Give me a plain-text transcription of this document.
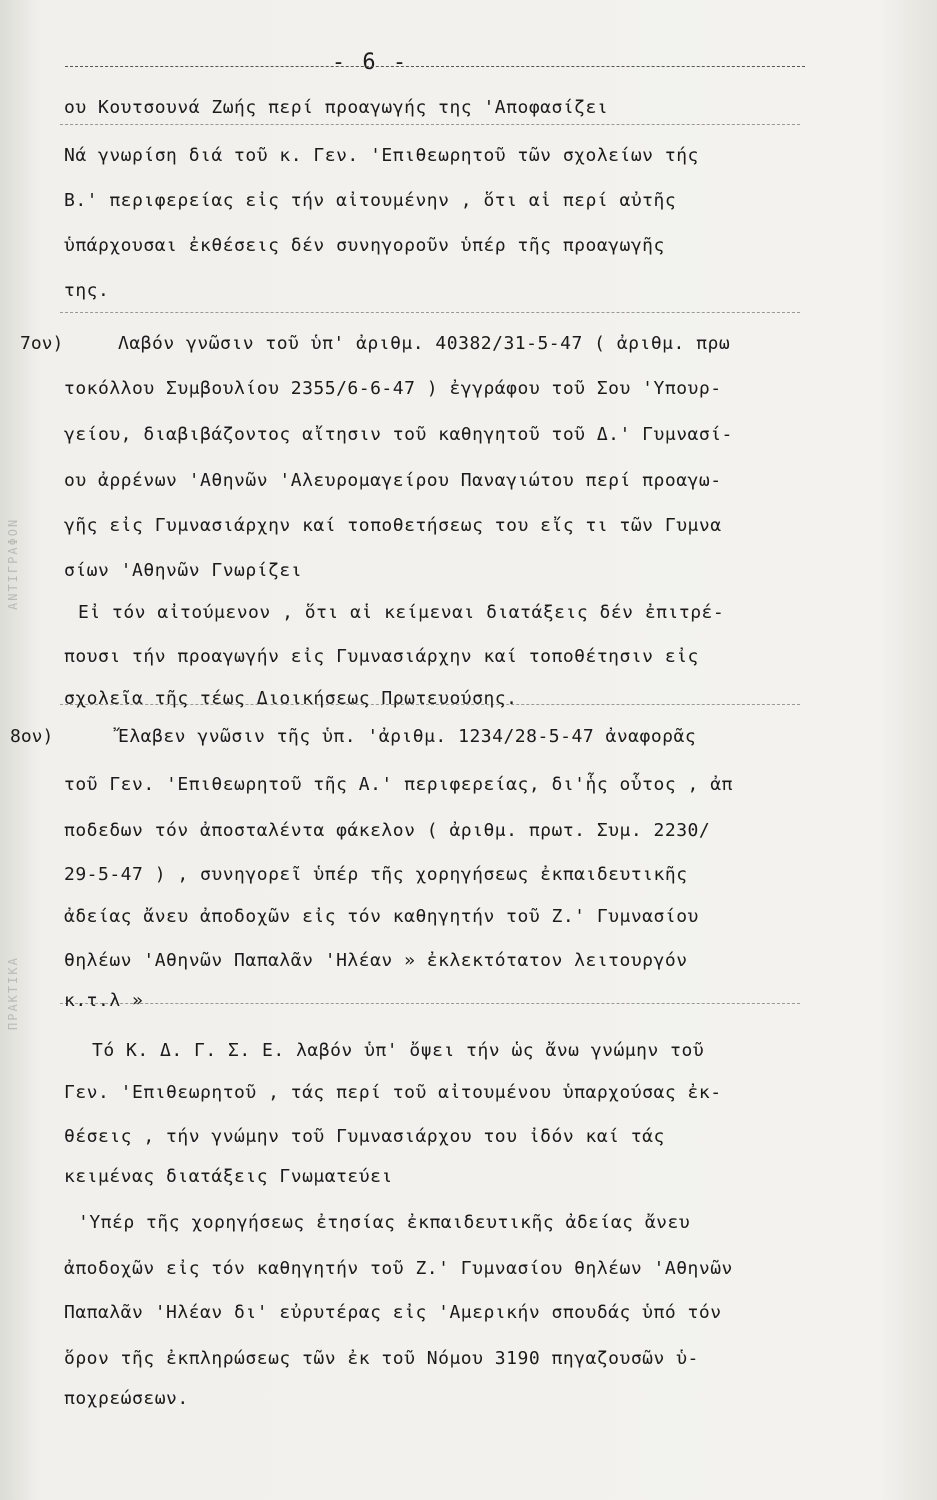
- 6 -
ΑΝΤΙΓΡΑΦΟΝ
ΠΡΑΚΤΙΚΑ
7ον)
8ον)
ου Κουτσουνά Ζωής περί προαγωγής της 'Αποφασίζει
Νά γνωρίση διά τοῦ κ. Γεν. 'Επιθεωρητοῦ τῶν σχολείων τής
Β.' περιφερείας εἰς τήν αἰτουμένην , ὅτι αἱ περί αὐτῆς
ὑπάρχουσαι ἐκθέσεις δέν συνηγοροῦν ὑπέρ τῆς προαγωγῆς
της.
Λαβόν γνῶσιν τοῦ ὑπ' ἀριθμ. 40382/31-5-47 ( ἀριθμ. πρω
τοκόλλου Συμβουλίου 2355/6-6-47 ) ἐγγράφου τοῦ Σου 'Υπουρ-
γείου, διαβιβάζοντος αἴτησιν τοῦ καθηγητοῦ τοῦ Δ.' Γυμνασί-
ου ἀρρένων 'Αθηνῶν 'Αλευρομαγείρου Παναγιώτου περί προαγω-
γῆς εἰς Γυμνασιάρχην καί τοποθετήσεως του εἴς τι τῶν Γυμνα
σίων 'Αθηνῶν Γνωρίζει
Εἰ τόν αἰτούμενον , ὅτι αἱ κείμεναι διατάξεις δέν ἐπιτρέ-
πουσι τήν προαγωγήν εἰς Γυμνασιάρχην καί τοποθέτησιν εἰς
σχολεῖα τῆς τέως Διοικήσεως Πρωτευούσης.
Ἔλαβεν γνῶσιν τῆς ὑπ. 'ἀριθμ. 1234/28-5-47 ἀναφορᾶς
τοῦ Γεν. 'Επιθεωρητοῦ τῆς Α.' περιφερείας, δι'ἧς οὗτος , ἀπ
ποδεδων τόν ἀποσταλέντα φάκελον ( ἀριθμ. πρωτ. Συμ. 2230/
29-5-47 ) , συνηγορεῖ ὑπέρ τῆς χορηγήσεως ἐκπαιδευτικῆς
ἀδείας ἄνευ ἀποδοχῶν εἰς τόν καθηγητήν τοῦ Ζ.' Γυμνασίου
θηλέων 'Αθηνῶν Παπαλᾶν 'Ηλέαν » ἐκλεκτότατον λειτουργόν
κ.τ.λ »
Τό Κ. Δ. Γ. Σ. Ε. λαβόν ὑπ' ὄψει τήν ὡς ἄνω γνώμην τοῦ
Γεν. 'Επιθεωρητοῦ , τάς περί τοῦ αἰτουμένου ὑπαρχούσας ἐκ-
θέσεις , τήν γνώμην τοῦ Γυμνασιάρχου του ἰδόν καί τάς
κειμένας διατάξεις Γνωματεύει
'Υπέρ τῆς χορηγήσεως ἐτησίας ἐκπαιδευτικῆς ἀδείας ἄνευ
ἀποδοχῶν εἰς τόν καθηγητήν τοῦ Ζ.' Γυμνασίου θηλέων 'Αθηνῶν
Παπαλᾶν 'Ηλέαν δι' εὐρυτέρας εἰς 'Αμερικήν σπουδάς ὑπό τόν
ὅρον τῆς ἐκπληρώσεως τῶν ἐκ τοῦ Νόμου 3190 πηγαζουσῶν ὑ-
ποχρεώσεων.
